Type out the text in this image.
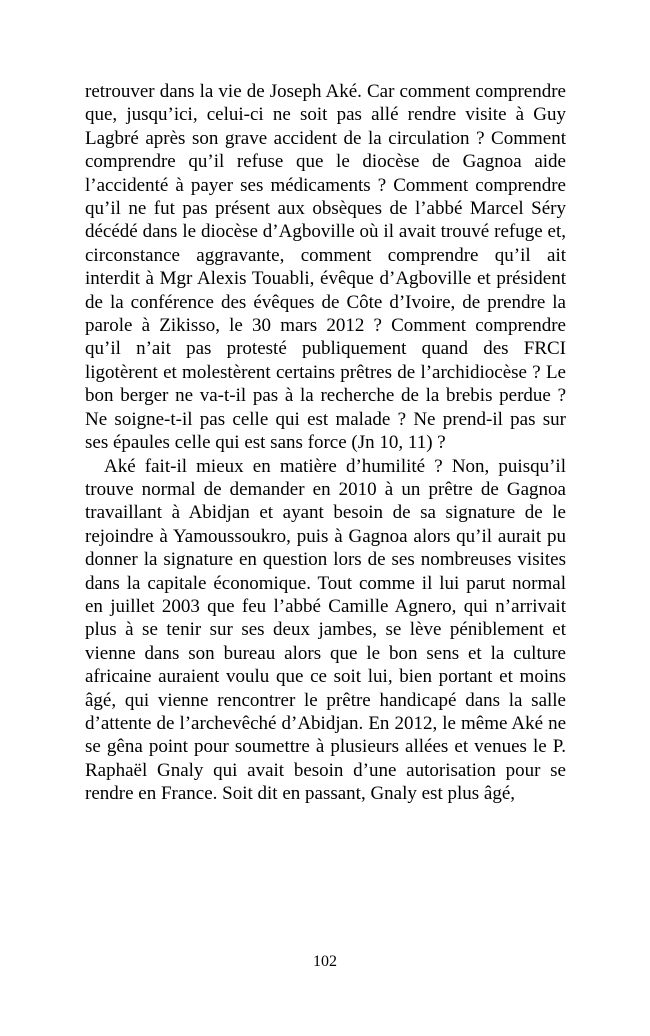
retrouver dans la vie de Joseph Aké. Car comment comprendre que, jusqu’ici, celui-ci ne soit pas allé rendre visite à Guy Lagbré après son grave accident de la circulation ? Comment comprendre qu’il refuse que le diocèse de Gagnoa aide l’accidenté à payer ses médicaments ? Comment comprendre qu’il ne fut pas présent aux obsèques de l’abbé Marcel Séry décédé dans le diocèse d’Agboville où il avait trouvé refuge et, circonstance aggravante, comment comprendre qu’il ait interdit à Mgr Alexis Touabli, évêque d’Agboville et président de la conférence des évêques de Côte d’Ivoire, de prendre la parole à Zikisso, le 30 mars 2012 ? Comment comprendre qu’il n’ait pas protesté publiquement quand des FRCI ligotèrent et molestèrent certains prêtres de l’archidiocèse ? Le bon berger ne va-t-il pas à la recherche de la brebis perdue ? Ne soigne-t-il pas celle qui est malade ? Ne prend-il pas sur ses épaules celle qui est sans force (Jn 10, 11) ?

Aké fait-il mieux en matière d’humilité ? Non, puisqu’il trouve normal de demander en 2010 à un prêtre de Gagnoa travaillant à Abidjan et ayant besoin de sa signature de le rejoindre à Yamoussoukro, puis à Gagnoa alors qu’il aurait pu donner la signature en question lors de ses nombreuses visites dans la capitale économique. Tout comme il lui parut normal en juillet 2003 que feu l’abbé Camille Agnero, qui n’arrivait plus à se tenir sur ses deux jambes, se lève péniblement et vienne dans son bureau alors que le bon sens et la culture africaine auraient voulu que ce soit lui, bien portant et moins âgé, qui vienne rencontrer le prêtre handicapé dans la salle d’attente de l’archevêché d’Abidjan. En 2012, le même Aké ne se gêna point pour soumettre à plusieurs allées et venues le P. Raphaël Gnaly qui avait besoin d’une autorisation pour se rendre en France. Soit dit en passant, Gnaly est plus âgé,

102
